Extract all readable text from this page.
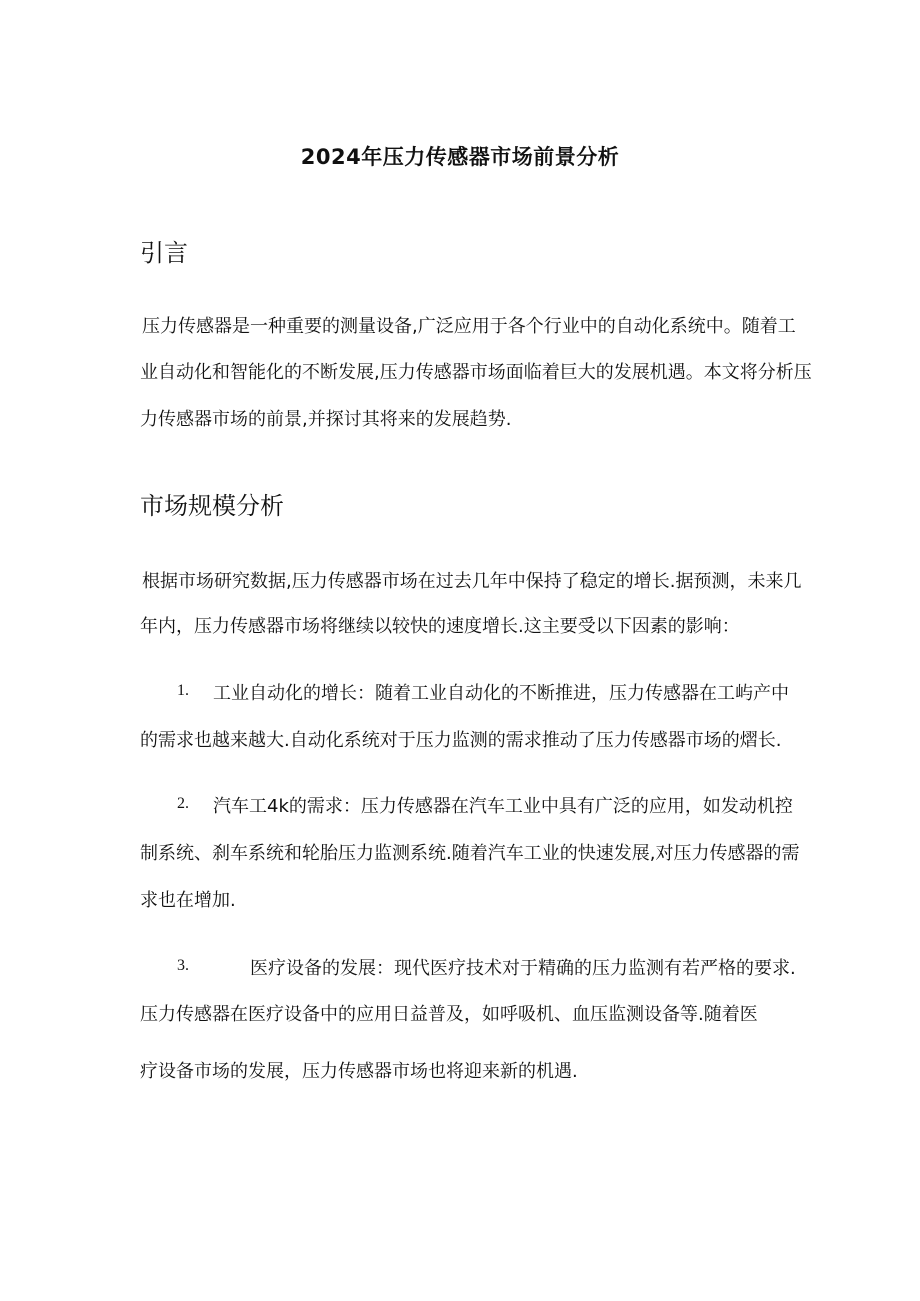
2024年压力传感器市场前景分析
引言
压力传感器是一种重要的测量设备,广泛应用于各个行业中的自动化系统中。随着工
业自动化和智能化的不断发展,压力传感器市场面临着巨大的发展机遇。本文将分析压
力传感器市场的前景,并探讨其将来的发展趋势.
市场规模分析
根据市场研究数据,压力传感器市场在过去几年中保持了稳定的增长.据预测，未来几
年内，压力传感器市场将继续以较快的速度增长.这主要受以下因素的影响：
1. 工业自动化的增长：随着工业自动化的不断推进，压力传感器在工屿产中
的需求也越来越大.自动化系统对于压力监测的需求推动了压力传感器市场的熠长.
2. 汽车工4k的需求：压力传感器在汽车工业中具有广泛的应用，如发动机控
制系统、刹车系统和轮胎压力监测系统.随着汽车工业的快速发展,对压力传感器的需
求也在增加.
3.	医疗设备的发展：现代医疗技术对于精确的压力监测有若严格的要求.
压力传感器在医疗设备中的应用日益普及，如呼吸机、血压监测设备等.随着医
疗设备市场的发展，压力传感器市场也将迎来新的机遇.
